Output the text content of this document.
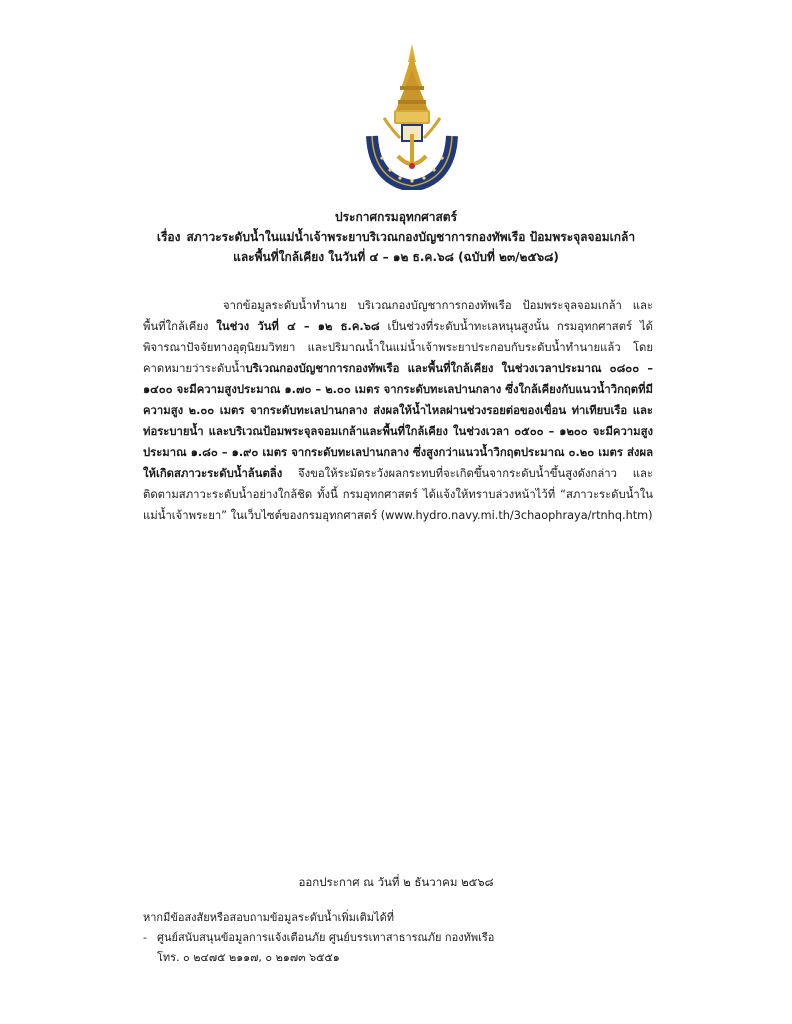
ประกาศกรมอุทกศาสตร์
เรื่อง สภาวะระดับน้ำในแม่น้ำเจ้าพระยาบริเวณกองบัญชาการกองทัพเรือ ป้อมพระจุลจอมเกล้า
และพื้นที่ใกล้เคียง ในวันที่ ๔ – ๑๒ ธ.ค.๖๘ (ฉบับที่ ๒๓/๒๕๖๘)
จากข้อมูลระดับน้ำทำนาย บริเวณกองบัญชาการกองทัพเรือ ป้อมพระจุลจอมเกล้า และพื้นที่ใกล้เคียง ในช่วง วันที่ ๔ – ๑๒ ธ.ค.๖๘ เป็นช่วงที่ระดับน้ำทะเลหนุนสูงนั้น กรมอุทกศาสตร์ ได้พิจารณาปัจจัยทางอุตุนิยมวิทยา และปริมาณน้ำในแม่น้ำเจ้าพระยาประกอบกับระดับน้ำทำนายแล้ว โดยคาดหมายว่าระดับน้ำบริเวณกองบัญชาการกองทัพเรือ และพื้นที่ใกล้เคียง ในช่วงเวลาประมาณ ๐๘๐๐ – ๑๔๐๐ จะมีความสูงประมาณ ๑.๗๐ – ๒.๐๐ เมตร จากระดับทะเลปานกลาง ซึ่งใกล้เคียงกับแนวน้ำวิกฤตที่มีความสูง ๒.๐๐ เมตร จากระดับทะเลปานกลาง ส่งผลให้น้ำไหลผ่านช่วงรอยต่อของเขื่อน ท่าเทียบเรือ และท่อระบายน้ำ และบริเวณป้อมพระจุลจอมเกล้าและพื้นที่ใกล้เคียง ในช่วงเวลา ๐๕๐๐ – ๑๒๐๐ จะมีความสูงประมาณ ๑.๘๐ – ๑.๙๐ เมตร จากระดับทะเลปานกลาง ซึ่งสูงกว่าแนวน้ำวิกฤตประมาณ ๐.๒๐ เมตร ส่งผลให้เกิดสภาวะระดับน้ำล้นตลิ่ง จึงขอให้ระมัดระวังผลกระทบที่จะเกิดขึ้นจากระดับน้ำขึ้นสูงดังกล่าว และติดตามสภาวะระดับน้ำอย่างใกล้ชิด ทั้งนี้ กรมอุทกศาสตร์ ได้แจ้งให้ทราบล่วงหน้าไว้ที่ “สภาวะระดับน้ำในแม่น้ำเจ้าพระยา” ในเว็บไซต์ของกรมอุทกศาสตร์ (www.hydro.navy.mi.th/3chaophraya/rtnhq.htm)
ออกประกาศ ณ วันที่ ๒ ธันวาคม ๒๕๖๘
หากมีข้อสงสัยหรือสอบถามข้อมูลระดับน้ำเพิ่มเติมได้ที่
- ศูนย์สนับสนุนข้อมูลการแจ้งเตือนภัย ศูนย์บรรเทาสาธารณภัย กองทัพเรือ
โทร. ๐ ๒๔๗๕ ๒๑๑๗, ๐ ๒๑๗๓ ๖๕๕๑
